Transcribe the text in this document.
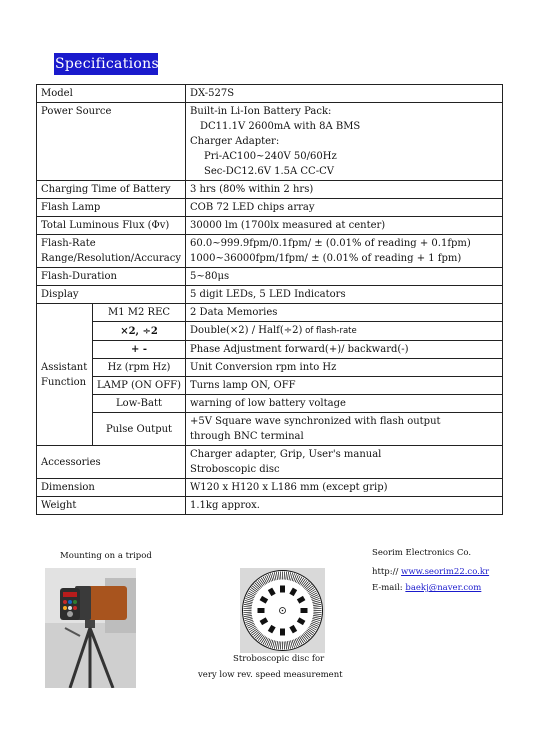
Specifications
Model		DX-527S
Power Source		Built-in Li-Ion Battery Pack:
DC11.1V 2600mA with 8A BMS
Charger Adapter:
Pri-AC100~240V 50/60Hz
Sec-DC12.6V 1.5A CC-CV

Charging Time of Battery		3 hrs (80% within 2 hrs)
Flash Lamp		COB 72 LED chips array
Total Luminous Flux (Φv)		30000 lm (1700lx measured at center)

Flash-Rate
Range/Resolution/Accuracy		60.0~999.9fpm/0.1fpm/ ± (0.01% of reading + 0.1fpm)
1000~36000fpm/1fpm/ ± (0.01% of reading + 1 fpm)

Flash-Duration		5~80μs
Display		5 digit LEDs, 5 LED Indicators

Assistant
Function	M1 M2 REC	2 Data Memories
	×2, ÷2	Double(×2) / Half(÷2) of flash-rate
	+ -	Phase Adjustment forward(+)/ backward(-)
	Hz (rpm Hz)	Unit Conversion rpm into Hz
	LAMP (ON OFF)	Turns lamp ON, OFF
	Low-Batt	warning of low battery voltage
	Pulse Output	+5V Square wave synchronized with flash output
through BNC terminal

Accessories		Charger adapter, Grip, User's manual
Stroboscopic disc

Dimension		W120 x H120 x L186 mm (except grip)
Weight		1.1kg approx.
Mounting on a tripod
Stroboscopic disc for
very low rev. speed measurement
Seorim Electronics Co.
http:// www.seorim22.co.kr
E-mail: baekj@naver.com
